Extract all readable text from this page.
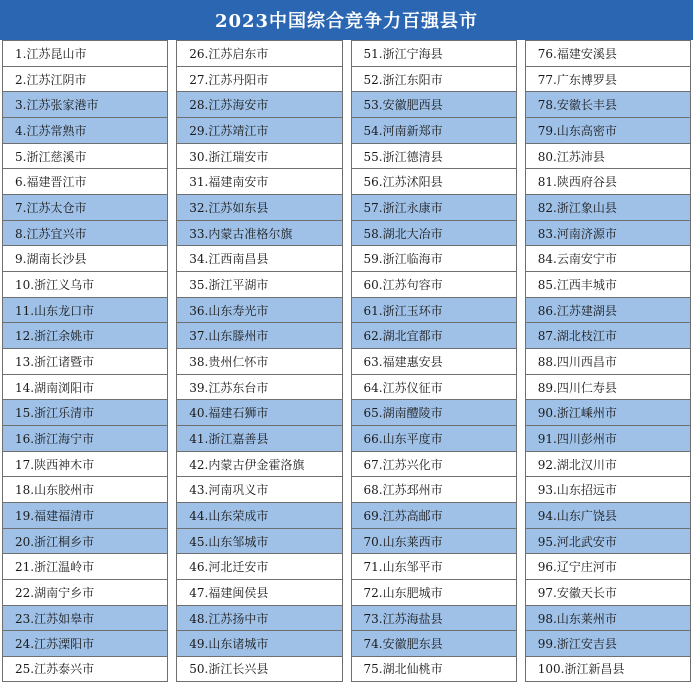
2023中国综合竞争力百强县市
1.江苏昆山市
2.江苏江阴市
3.江苏张家港市
4.江苏常熟市
5.浙江慈溪市
6.福建晋江市
7.江苏太仓市
8.江苏宜兴市
9.湖南长沙县
10.浙江义乌市
11.山东龙口市
12.浙江余姚市
13.浙江诸暨市
14.湖南浏阳市
15.浙江乐清市
16.浙江海宁市
17.陕西神木市
18.山东胶州市
19.福建福清市
20.浙江桐乡市
21.浙江温岭市
22.湖南宁乡市
23.江苏如皋市
24.江苏溧阳市
25.江苏泰兴市
26.江苏启东市
27.江苏丹阳市
28.江苏海安市
29.江苏靖江市
30.浙江瑞安市
31.福建南安市
32.江苏如东县
33.内蒙古准格尔旗
34.江西南昌县
35.浙江平湖市
36.山东寿光市
37.山东滕州市
38.贵州仁怀市
39.江苏东台市
40.福建石狮市
41.浙江嘉善县
42.内蒙古伊金霍洛旗
43.河南巩义市
44.山东荣成市
45.山东邹城市
46.河北迁安市
47.福建闽侯县
48.江苏扬中市
49.山东诸城市
50.浙江长兴县
51.浙江宁海县
52.浙江东阳市
53.安徽肥西县
54.河南新郑市
55.浙江德清县
56.江苏沭阳县
57.浙江永康市
58.湖北大冶市
59.浙江临海市
60.江苏句容市
61.浙江玉环市
62.湖北宜都市
63.福建惠安县
64.江苏仪征市
65.湖南醴陵市
66.山东平度市
67.江苏兴化市
68.江苏邳州市
69.江苏高邮市
70.山东莱西市
71.山东邹平市
72.山东肥城市
73.江苏海盐县
74.安徽肥东县
75.湖北仙桃市
76.福建安溪县
77.广东博罗县
78.安徽长丰县
79.山东高密市
80.江苏沛县
81.陕西府谷县
82.浙江象山县
83.河南济源市
84.云南安宁市
85.江西丰城市
86.江苏建湖县
87.湖北枝江市
88.四川西昌市
89.四川仁寿县
90.浙江嵊州市
91.四川彭州市
92.湖北汉川市
93.山东招远市
94.山东广饶县
95.河北武安市
96.辽宁庄河市
97.安徽天长市
98.山东莱州市
99.浙江安吉县
100.浙江新昌县
